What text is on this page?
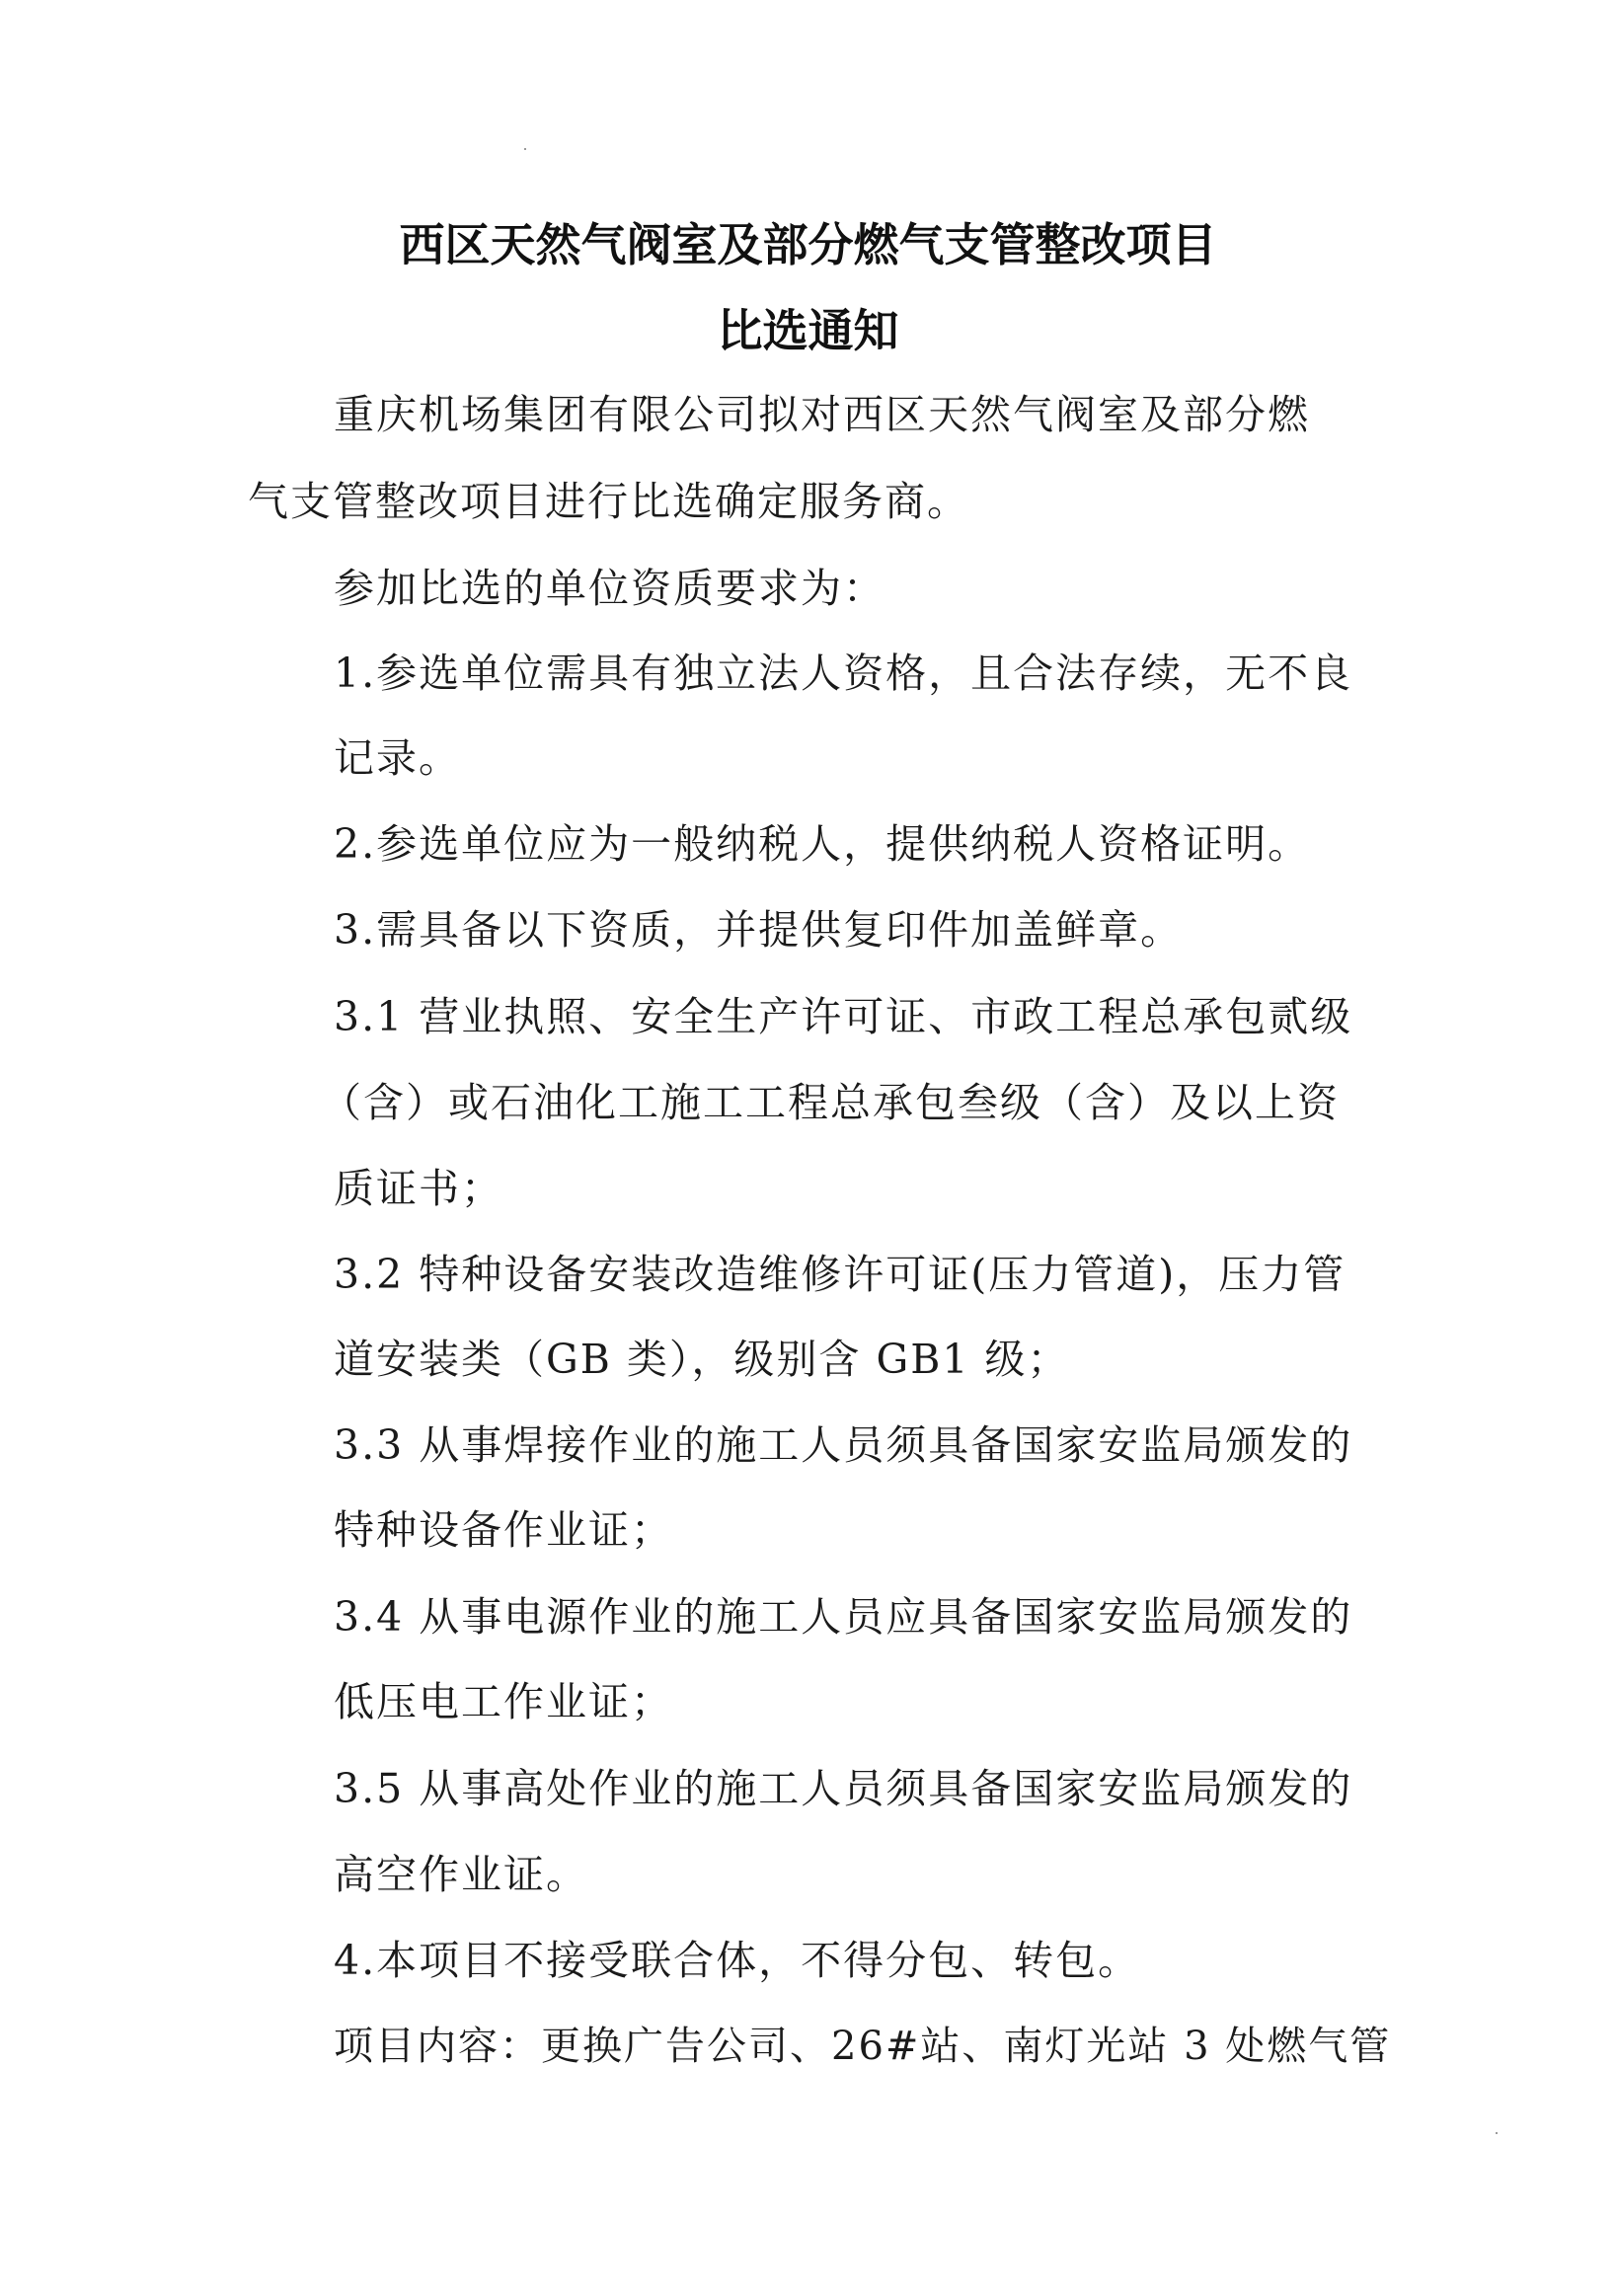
西区天然气阀室及部分燃气支管整改项目
比选通知
重庆机场集团有限公司拟对西区天然气阀室及部分燃
气支管整改项目进行比选确定服务商。
参加比选的单位资质要求为：
1.参选单位需具有独立法人资格，且合法存续，无不良
记录。
2.参选单位应为一般纳税人，提供纳税人资格证明。
3.需具备以下资质，并提供复印件加盖鲜章。
3.1 营业执照、安全生产许可证、市政工程总承包贰级
（含）或石油化工施工工程总承包叁级（含）及以上资
质证书；
3.2 特种设备安装改造维修许可证(压力管道)，压力管
道安装类（GB 类），级别含 GB1 级；
3.3 从事焊接作业的施工人员须具备国家安监局颁发的
特种设备作业证；
3.4 从事电源作业的施工人员应具备国家安监局颁发的
低压电工作业证；
3.5 从事高处作业的施工人员须具备国家安监局颁发的
高空作业证。
4.本项目不接受联合体，不得分包、转包。
项目内容：更换广告公司、26#站、南灯光站 3 处燃气管
